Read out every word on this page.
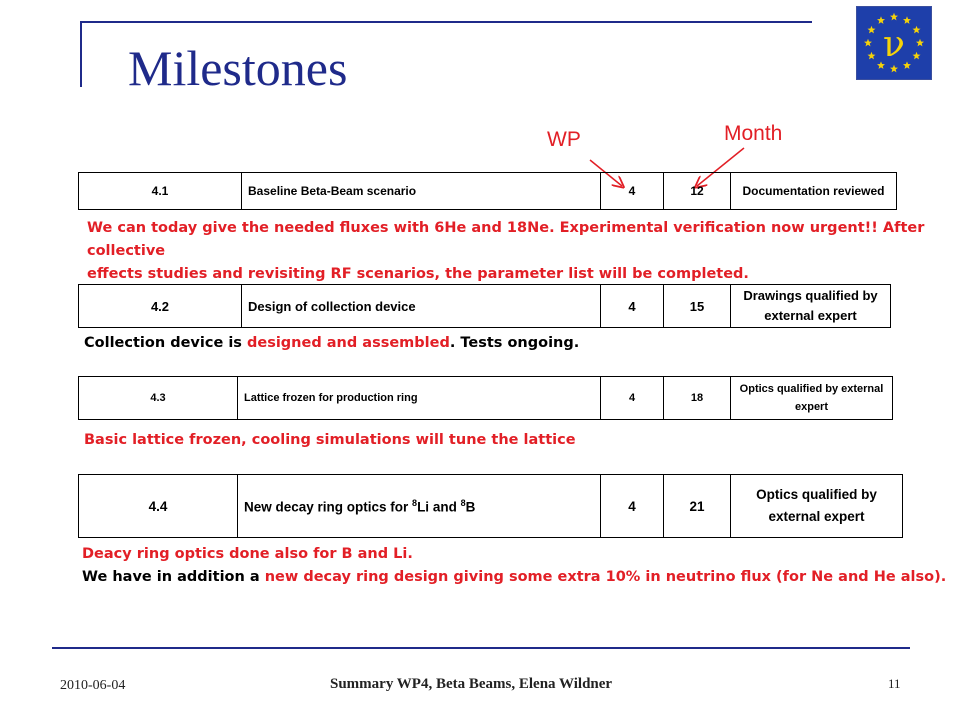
Milestones	ν
WP	Month
4.1	Baseline Beta-Beam scenario	4	12	Documentation reviewed
We can today give the needed fluxes with 6He and 18Ne. Experimental verification now urgent!! After collective
effects studies and revisiting RF scenarios, the parameter list will be completed.
4.2	Design of collection device	4	15	Drawings qualified by external expert
Collection device is designed and assembled. Tests ongoing.
4.3	Lattice frozen for production ring	4	18	Optics qualified by external expert
Basic lattice frozen, cooling simulations will tune the lattice
4.4	New decay ring optics for $^8$Li and $^8$B	4	21	Optics qualified by external expert
Deacy ring optics done also for B and Li.
We have in addition a new decay ring design giving some extra 10% in neutrino flux (for Ne and He also).
2010-06-04	Summary WP4, Beta Beams, Elena Wildner	11
